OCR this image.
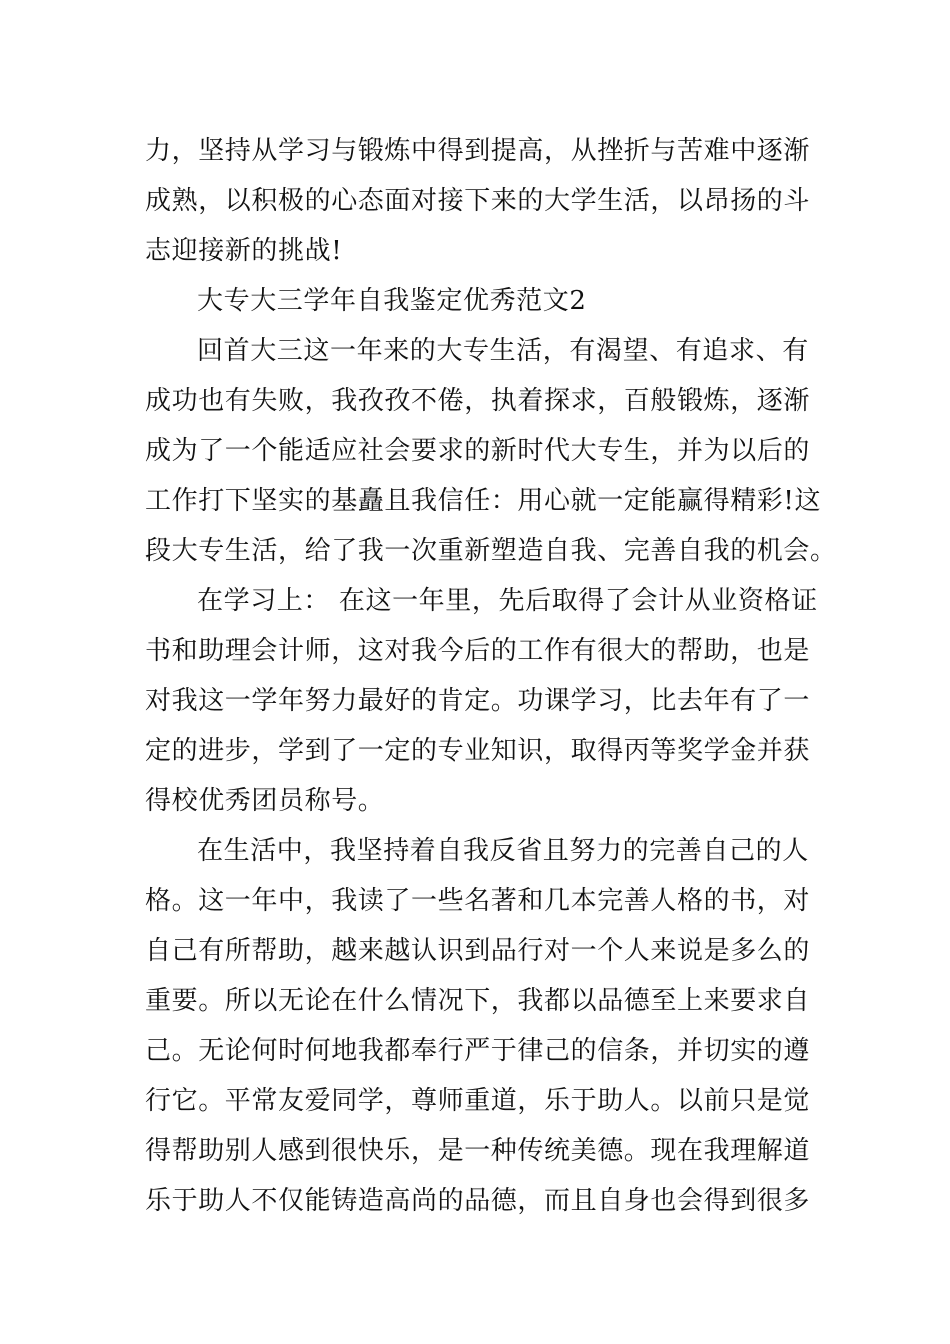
力，坚持从学习与锻炼中得到提高，从挫折与苦难中逐渐
成熟，以积极的心态面对接下来的大学生活，以昂扬的斗
志迎接新的挑战!
大专大三学年自我鉴定优秀范文2
回首大三这一年来的大专生活，有渴望、有追求、有
成功也有失败，我孜孜不倦，执着探求，百般锻炼，逐渐
成为了一个能适应社会要求的新时代大专生，并为以后的
工作打下坚实的基矗且我信任：用心就一定能赢得精彩!这
段大专生活，给了我一次重新塑造自我、完善自我的机会。
在学习上： 在这一年里，先后取得了会计从业资格证
书和助理会计师，这对我今后的工作有很大的帮助，也是
对我这一学年努力最好的肯定。功课学习，比去年有了一
定的进步，学到了一定的专业知识，取得丙等奖学金并获
得校优秀团员称号。
在生活中，我坚持着自我反省且努力的完善自己的人
格。这一年中，我读了一些名著和几本完善人格的书，对
自己有所帮助，越来越认识到品行对一个人来说是多么的
重要。所以无论在什么情况下，我都以品德至上来要求自
己。无论何时何地我都奉行严于律己的信条，并切实的遵
行它。平常友爱同学，尊师重道，乐于助人。以前只是觉
得帮助别人感到很快乐，是一种传统美德。现在我理解道
乐于助人不仅能铸造高尚的品德，而且自身也会得到很多
